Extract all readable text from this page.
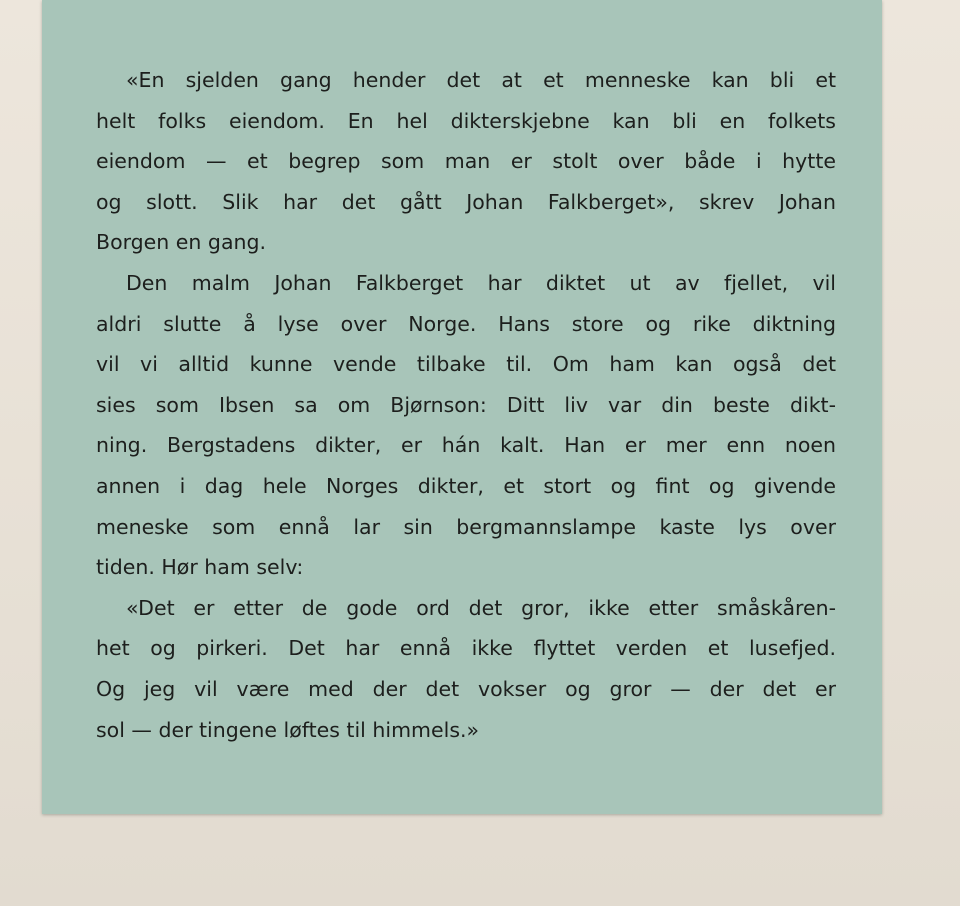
«En sjelden gang hender det at et menneske kan bli et
helt folks eiendom. En hel dikterskjebne kan bli en folkets
eiendom — et begrep som man er stolt over både i hytte
og slott. Slik har det gått Johan Falkberget», skrev Johan
Borgen en gang.
Den malm Johan Falkberget har diktet ut av fjellet, vil
aldri slutte å lyse over Norge. Hans store og rike diktning
vil vi alltid kunne vende tilbake til. Om ham kan også det
sies som Ibsen sa om Bjørnson: Ditt liv var din beste dikt-
ning. Bergstadens dikter, er hán kalt. Han er mer enn noen
annen i dag hele Norges dikter, et stort og fint og givende
meneske som ennå lar sin bergmannslampe kaste lys over
tiden. Hør ham selv:
«Det er etter de gode ord det gror, ikke etter småskåren-
het og pirkeri. Det har ennå ikke flyttet verden et lusefjed.
Og jeg vil være med der det vokser og gror — der det er
sol — der tingene løftes til himmels.»
